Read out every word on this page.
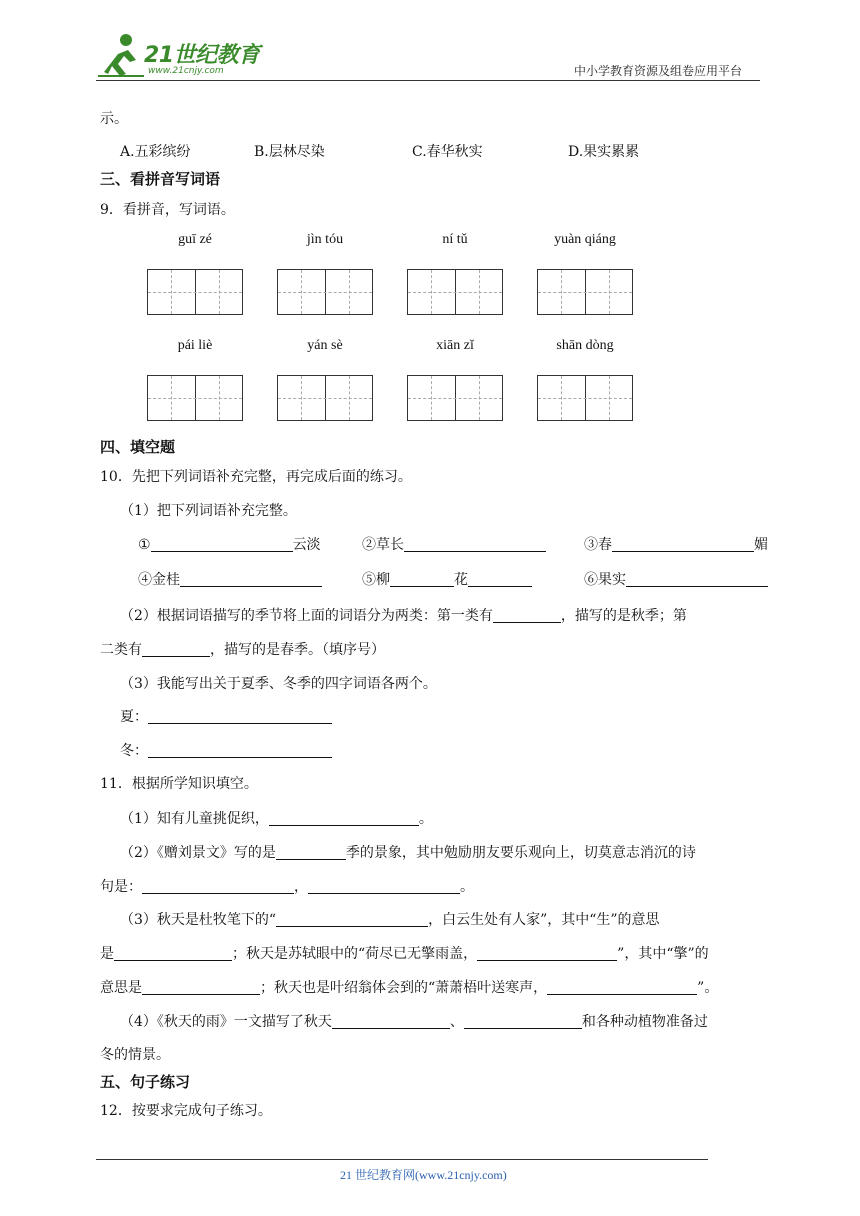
21世纪教育
www.21cnjy.com	中小学教育资源及组卷应用平台
示。
A.五彩缤纷	B.层林尽染	C.春华秋实	D.果实累累
三、看拼音写词语
9．看拼音，写词语。
guī zé	jìn tóu	ní tǔ	yuàn qiáng
pái liè	yán sè	xiān zǐ	shān dòng
四、填空题
10．先把下列词语补充完整，再完成后面的练习。
（1）把下列词语补充完整。
①	云淡	②草长	③春	媚
④金桂	⑤柳	花	⑥果实
（2）根据词语描写的季节将上面的词语分为两类：第一类有	，描写的是秋季；第
二类有	，描写的是春季。（填序号）
（3）我能写出关于夏季、冬季的四字词语各两个。
夏：
冬：
11．根据所学知识填空。
（1）知有儿童挑促织，	。
（2）《赠刘景文》写的是	季的景象，其中勉励朋友要乐观向上，切莫意志消沉的诗
句是：	，	。
（3）秋天是杜牧笔下的“	，白云生处有人家”，其中“生”的意思
是	；秋天是苏轼眼中的“荷尽已无擎雨盖，	”，其中“擎”的
意思是	；秋天也是叶绍翁体会到的“萧萧梧叶送寒声，	”。
（4）《秋天的雨》一文描写了秋天	、	和各种动植物准备过
冬的情景。
五、句子练习
12．按要求完成句子练习。
21 世纪教育网(www.21cnjy.com)
